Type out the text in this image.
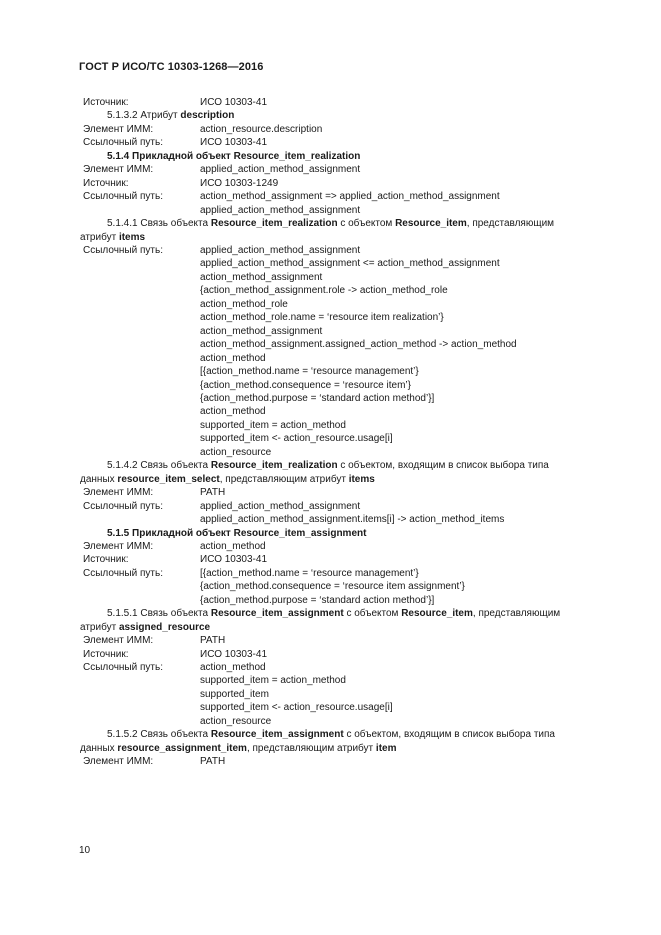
ГОСТ Р ИСО/ТС 10303-1268—2016
Источник:	ИСО 10303-41
5.1.3.2 Атрибут description
Элемент ИММ:	action_resource.description
Ссылочный путь:	ИСО 10303-41
5.1.4 Прикладной объект Resource_item_realization
Элемент ИММ:	applied_action_method_assignment
Источник:	ИСО 10303-1249
Ссылочный путь:	action_method_assignment => applied_action_method_assignment
applied_action_method_assignment
5.1.4.1 Связь объекта Resource_item_realization с объектом Resource_item, представляющим
атрибут items
Ссылочный путь:	applied_action_method_assignment
applied_action_method_assignment <= action_method_assignment
action_method_assignment
{action_method_assignment.role -> action_method_role
action_method_role
action_method_role.name = ‘resource item realization’}
action_method_assignment
action_method_assignment.assigned_action_method -> action_method
action_method
[{action_method.name = ‘resource management’}
{action_method.consequence = ‘resource item’}
{action_method.purpose = ‘standard action method’}]
action_method
supported_item = action_method
supported_item <- action_resource.usage[i]
action_resource
5.1.4.2 Связь объекта Resource_item_realization с объектом, входящим в список выбора типа
данных resource_item_select, представляющим атрибут items
Элемент ИММ:	PATH
Ссылочный путь:	applied_action_method_assignment
applied_action_method_assignment.items[i] -> action_method_items
5.1.5 Прикладной объект Resource_item_assignment
Элемент ИММ:	action_method
Источник:	ИСО 10303-41
Ссылочный путь:	[{action_method.name = ‘resource management’}
{action_method.consequence = ‘resource item assignment’}
{action_method.purpose = ‘standard action method’}]
5.1.5.1 Связь объекта Resource_item_assignment с объектом Resource_item, представляющим
атрибут assigned_resource
Элемент ИММ:	PATH
Источник:	ИСО 10303-41
Ссылочный путь:	action_method
supported_item = action_method
supported_item
supported_item <- action_resource.usage[i]
action_resource
5.1.5.2 Связь объекта Resource_item_assignment с объектом, входящим в список выбора типа
данных resource_assignment_item, представляющим атрибут item
Элемент ИММ:	PATH
10
